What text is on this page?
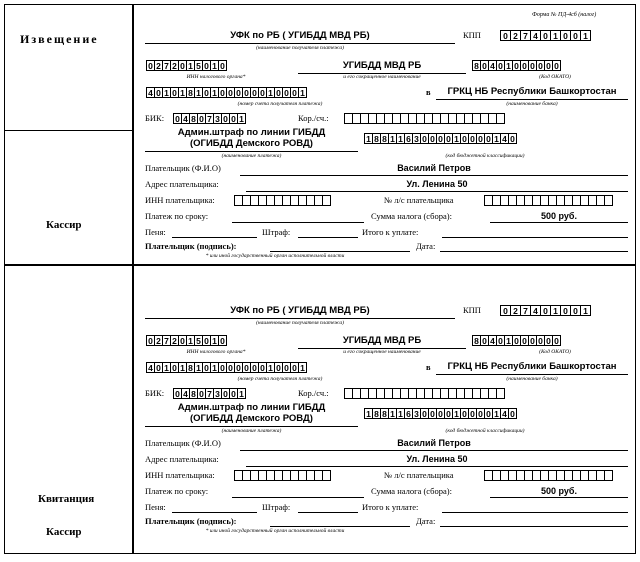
Извещение
Кассир
Квитанция
Кассир
Форма № ПД-4сб (налог)
УФК по РБ ( УГИБДД МВД РБ)
(наименование получателя платежа)
КПП	0 2 7 4 0 1 0 0 1
0 2 7 2 0 1 5 0 1 0
ИНН налогового органа*
УГИБДД МВД РБ
и его сокращенное наименование
8 0 4 0 1 0 0 0 0 0 0
(Код ОКАТО)
4 0 1 0 1 8 1 0 1 0 0 0 0 0 0 1 0 0 0 1
(номер счета получателя платежа)
в	ГРКЦ НБ Республики Башкортостан
(наименование банка)
БИК:	0 4 8 0 7 3 0 0 1	Кор./сч.:
Админ.штраф по линии ГИБДД
(ОГИБДД Демского РОВД)
(наименование платежа)
1 8 8 1 1 6 3 0 0 0 0 1 0 0 0 0 1 4 0
(код бюджетной классификации)
Плательщик (Ф.И.О)	Василий Петров
Адрес плательщика:	Ул. Ленина 50
ИНН плательщика:	№ л/с плательщика
Платеж по сроку:	Сумма налога (сбора):	500 руб.
Пеня:	Штраф:	Итого к уплате:
Плательщик (подпись):	Дата:
* или иной государственный орган исполнительной власти
УФК по РБ ( УГИБДД МВД РБ)
(наименование получателя платежа)
КПП	0 2 7 4 0 1 0 0 1
0 2 7 2 0 1 5 0 1 0
ИНН налогового органа*
УГИБДД МВД РБ
и его сокращенное наименование
8 0 4 0 1 0 0 0 0 0 0
(Код ОКАТО)
4 0 1 0 1 8 1 0 1 0 0 0 0 0 0 1 0 0 0 1
(номер счета получателя платежа)
в	ГРКЦ НБ Республики Башкортостан
(наименование банка)
БИК:	0 4 8 0 7 3 0 0 1	Кор./сч.:
Админ.штраф по линии ГИБДД
(ОГИБДД Демского РОВД)
(наименование платежа)
1 8 8 1 1 6 3 0 0 0 0 1 0 0 0 0 1 4 0
(код бюджетной классификации)
Плательщик (Ф.И.О)	Василий Петров
Адрес плательщика:	Ул. Ленина 50
ИНН плательщика:	№ л/с плательщика
Платеж по сроку:	Сумма налога (сбора):	500 руб.
Пеня:	Штраф:	Итого к уплате:
Плательщик (подпись):	Дата:
* или иной государственный орган исполнительной власти
